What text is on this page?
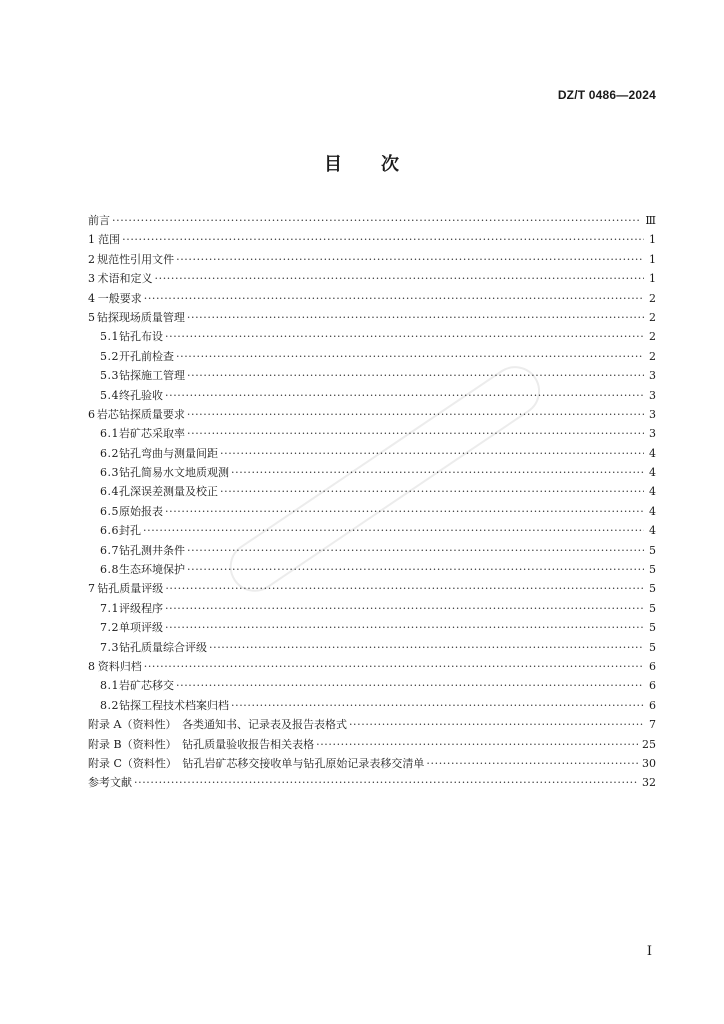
DZ/T 0486—2024
目 次
前言 ·····	Ⅲ
1 范围 ·····	1
2 规范性引用文件 ·····	1
3 术语和定义 ·····	1
4 一般要求 ·····	2
5 钻探现场质量管理 ·····	2
5.1 钻孔布设 ·····	2
5.2 开孔前检查 ·····	2
5.3 钻探施工管理 ·····	3
5.4 终孔验收 ·····	3
6 岩芯钻探质量要求 ·····	3
6.1 岩矿芯采取率 ·····	3
6.2 钻孔弯曲与测量间距 ·····	4
6.3 钻孔简易水文地质观测 ·····	4
6.4 孔深误差测量及校正 ·····	4
6.5 原始报表 ·····	4
6.6 封孔 ·····	4
6.7 钻孔测井条件 ·····	5
6.8 生态环境保护 ·····	5
7 钻孔质量评级 ·····	5
7.1 评级程序 ·····	5
7.2 单项评级 ·····	5
7.3 钻孔质量综合评级 ·····	5
8 资料归档 ·····	6
8.1 岩矿芯移交 ·····	6
8.2 钻探工程技术档案归档 ·····	6
附录 A（资料性）　各类通知书、记录表及报告表格式 ·····	7
附录 B（资料性）　钻孔质量验收报告相关表格 ·····	25
附录 C（资料性）　钻孔岩矿芯移交接收单与钻孔原始记录表移交清单 ·····	30
参考文献 ·····	32
I
